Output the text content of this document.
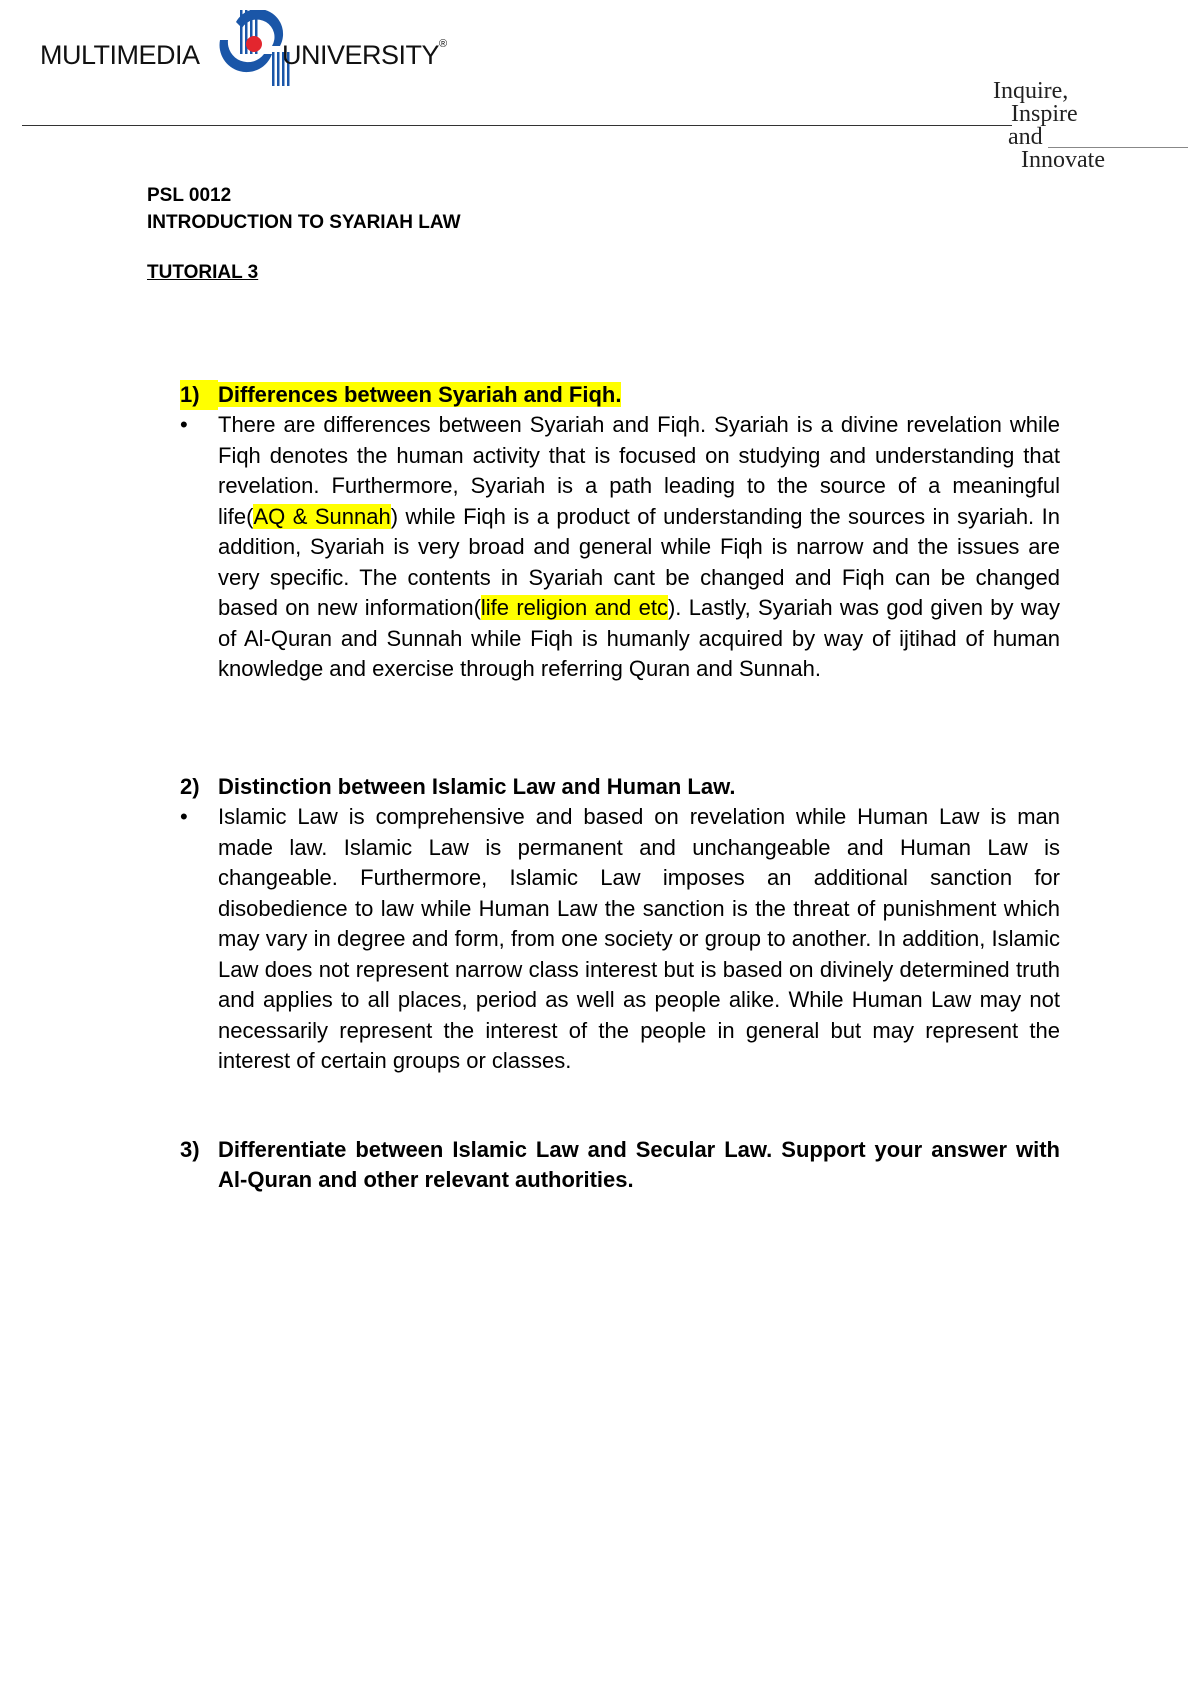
MULTIMEDIA	UNIVERSITY®
Inquire,
Inspire
and
Innovate
PSL 0012
INTRODUCTION TO SYARIAH LAW
TUTORIAL 3
1) Differences between Syariah and Fiqh.
•	There are differences between Syariah and Fiqh. Syariah is a divine revelation while Fiqh denotes the human activity that is focused on studying and understanding that revelation. Furthermore, Syariah is a path leading to the source of a meaningful life(AQ & Sunnah) while Fiqh is a product of understanding the sources in syariah. In addition, Syariah is very broad and general while Fiqh is narrow and the issues are very specific. The contents in Syariah cant be changed and Fiqh can be changed based on new information(life religion and etc). Lastly, Syariah was god given by way of Al-Quran and Sunnah while Fiqh is humanly acquired by way of ijtihad of human knowledge and exercise through referring Quran and Sunnah.
2) Distinction between Islamic Law and Human Law.
•	Islamic Law is comprehensive and based on revelation while Human Law is man made law. Islamic Law is permanent and unchangeable and Human Law is changeable. Furthermore, Islamic Law imposes an additional sanction for disobedience to law while Human Law the sanction is the threat of punishment which may vary in degree and form, from one society or group to another. In addition, Islamic Law does not represent narrow class interest but is based on divinely determined truth and applies to all places, period as well as people alike. While Human Law may not necessarily represent the interest of the people in general but may represent the interest of certain groups or classes.
3) Differentiate between Islamic Law and Secular Law. Support your answer with Al-Quran and other relevant authorities.
